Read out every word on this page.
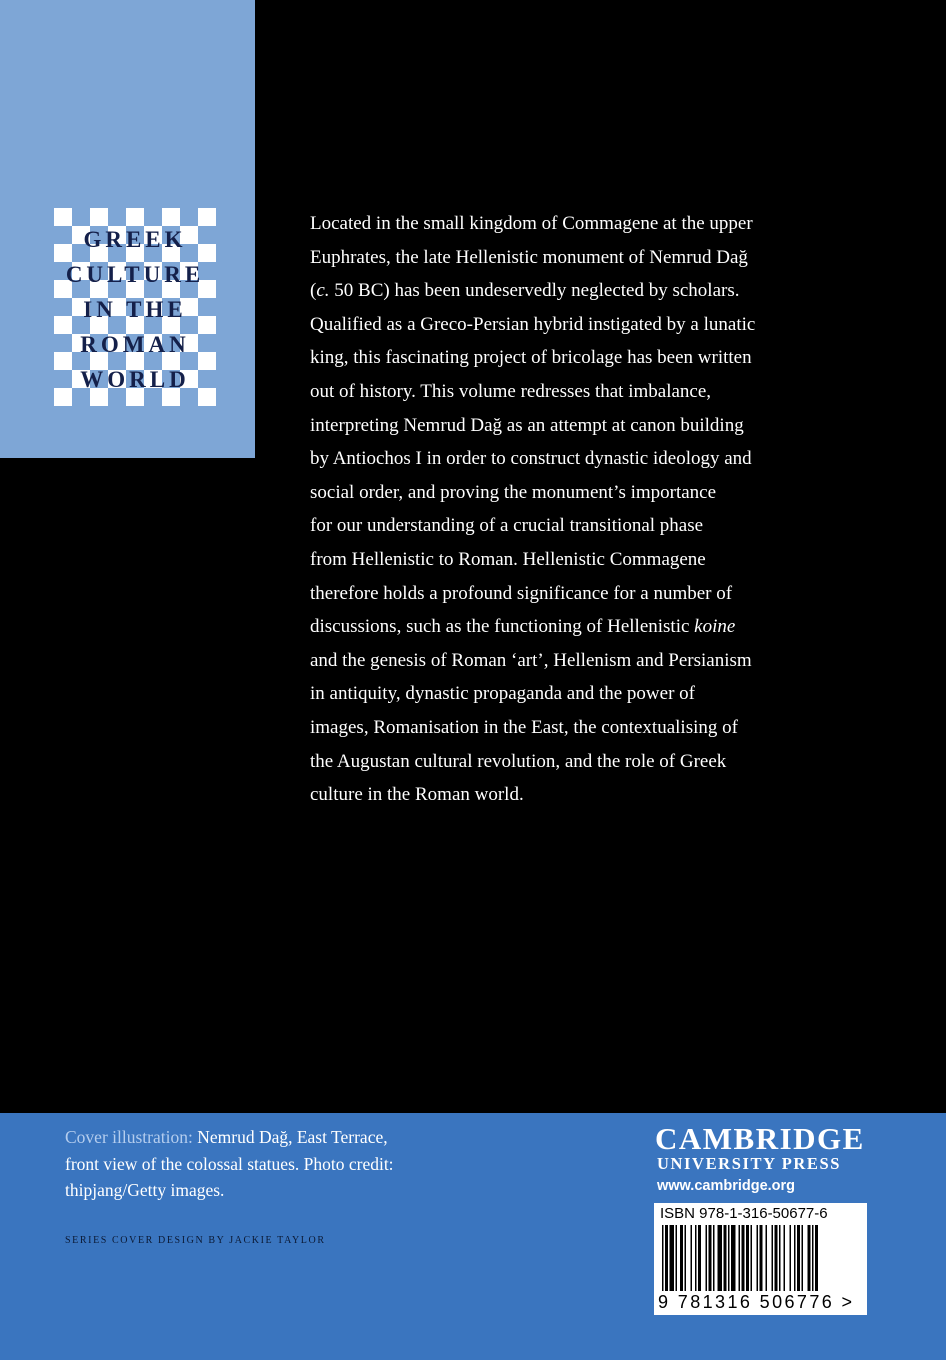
GREEK
CULTURE
IN THE
ROMAN
WORLD
Located in the small kingdom of Commagene at the upper
Euphrates, the late Hellenistic monument of Nemrud Dağ
(c. 50 BC) has been undeservedly neglected by scholars.
Qualified as a Greco-Persian hybrid instigated by a lunatic
king, this fascinating project of bricolage has been written
out of history. This volume redresses that imbalance,
interpreting Nemrud Dağ as an attempt at canon building
by Antiochos I in order to construct dynastic ideology and
social order, and proving the monument’s importance
for our understanding of a crucial transitional phase
from Hellenistic to Roman. Hellenistic Commagene
therefore holds a profound significance for a number of
discussions, such as the functioning of Hellenistic koine
and the genesis of Roman ‘art’, Hellenism and Persianism
in antiquity, dynastic propaganda and the power of
images, Romanisation in the East, the contextualising of
the Augustan cultural revolution, and the role of Greek
culture in the Roman world.
Cover illustration: Nemrud Dağ, East Terrace,
front view of the colossal statues. Photo credit:
thipjang/Getty images.
SERIES COVER DESIGN BY JACKIE TAYLOR
CAMBRIDGE
UNIVERSITY PRESS
www.cambridge.org
ISBN 978-1-316-50677-6
9 781316 506776 >
